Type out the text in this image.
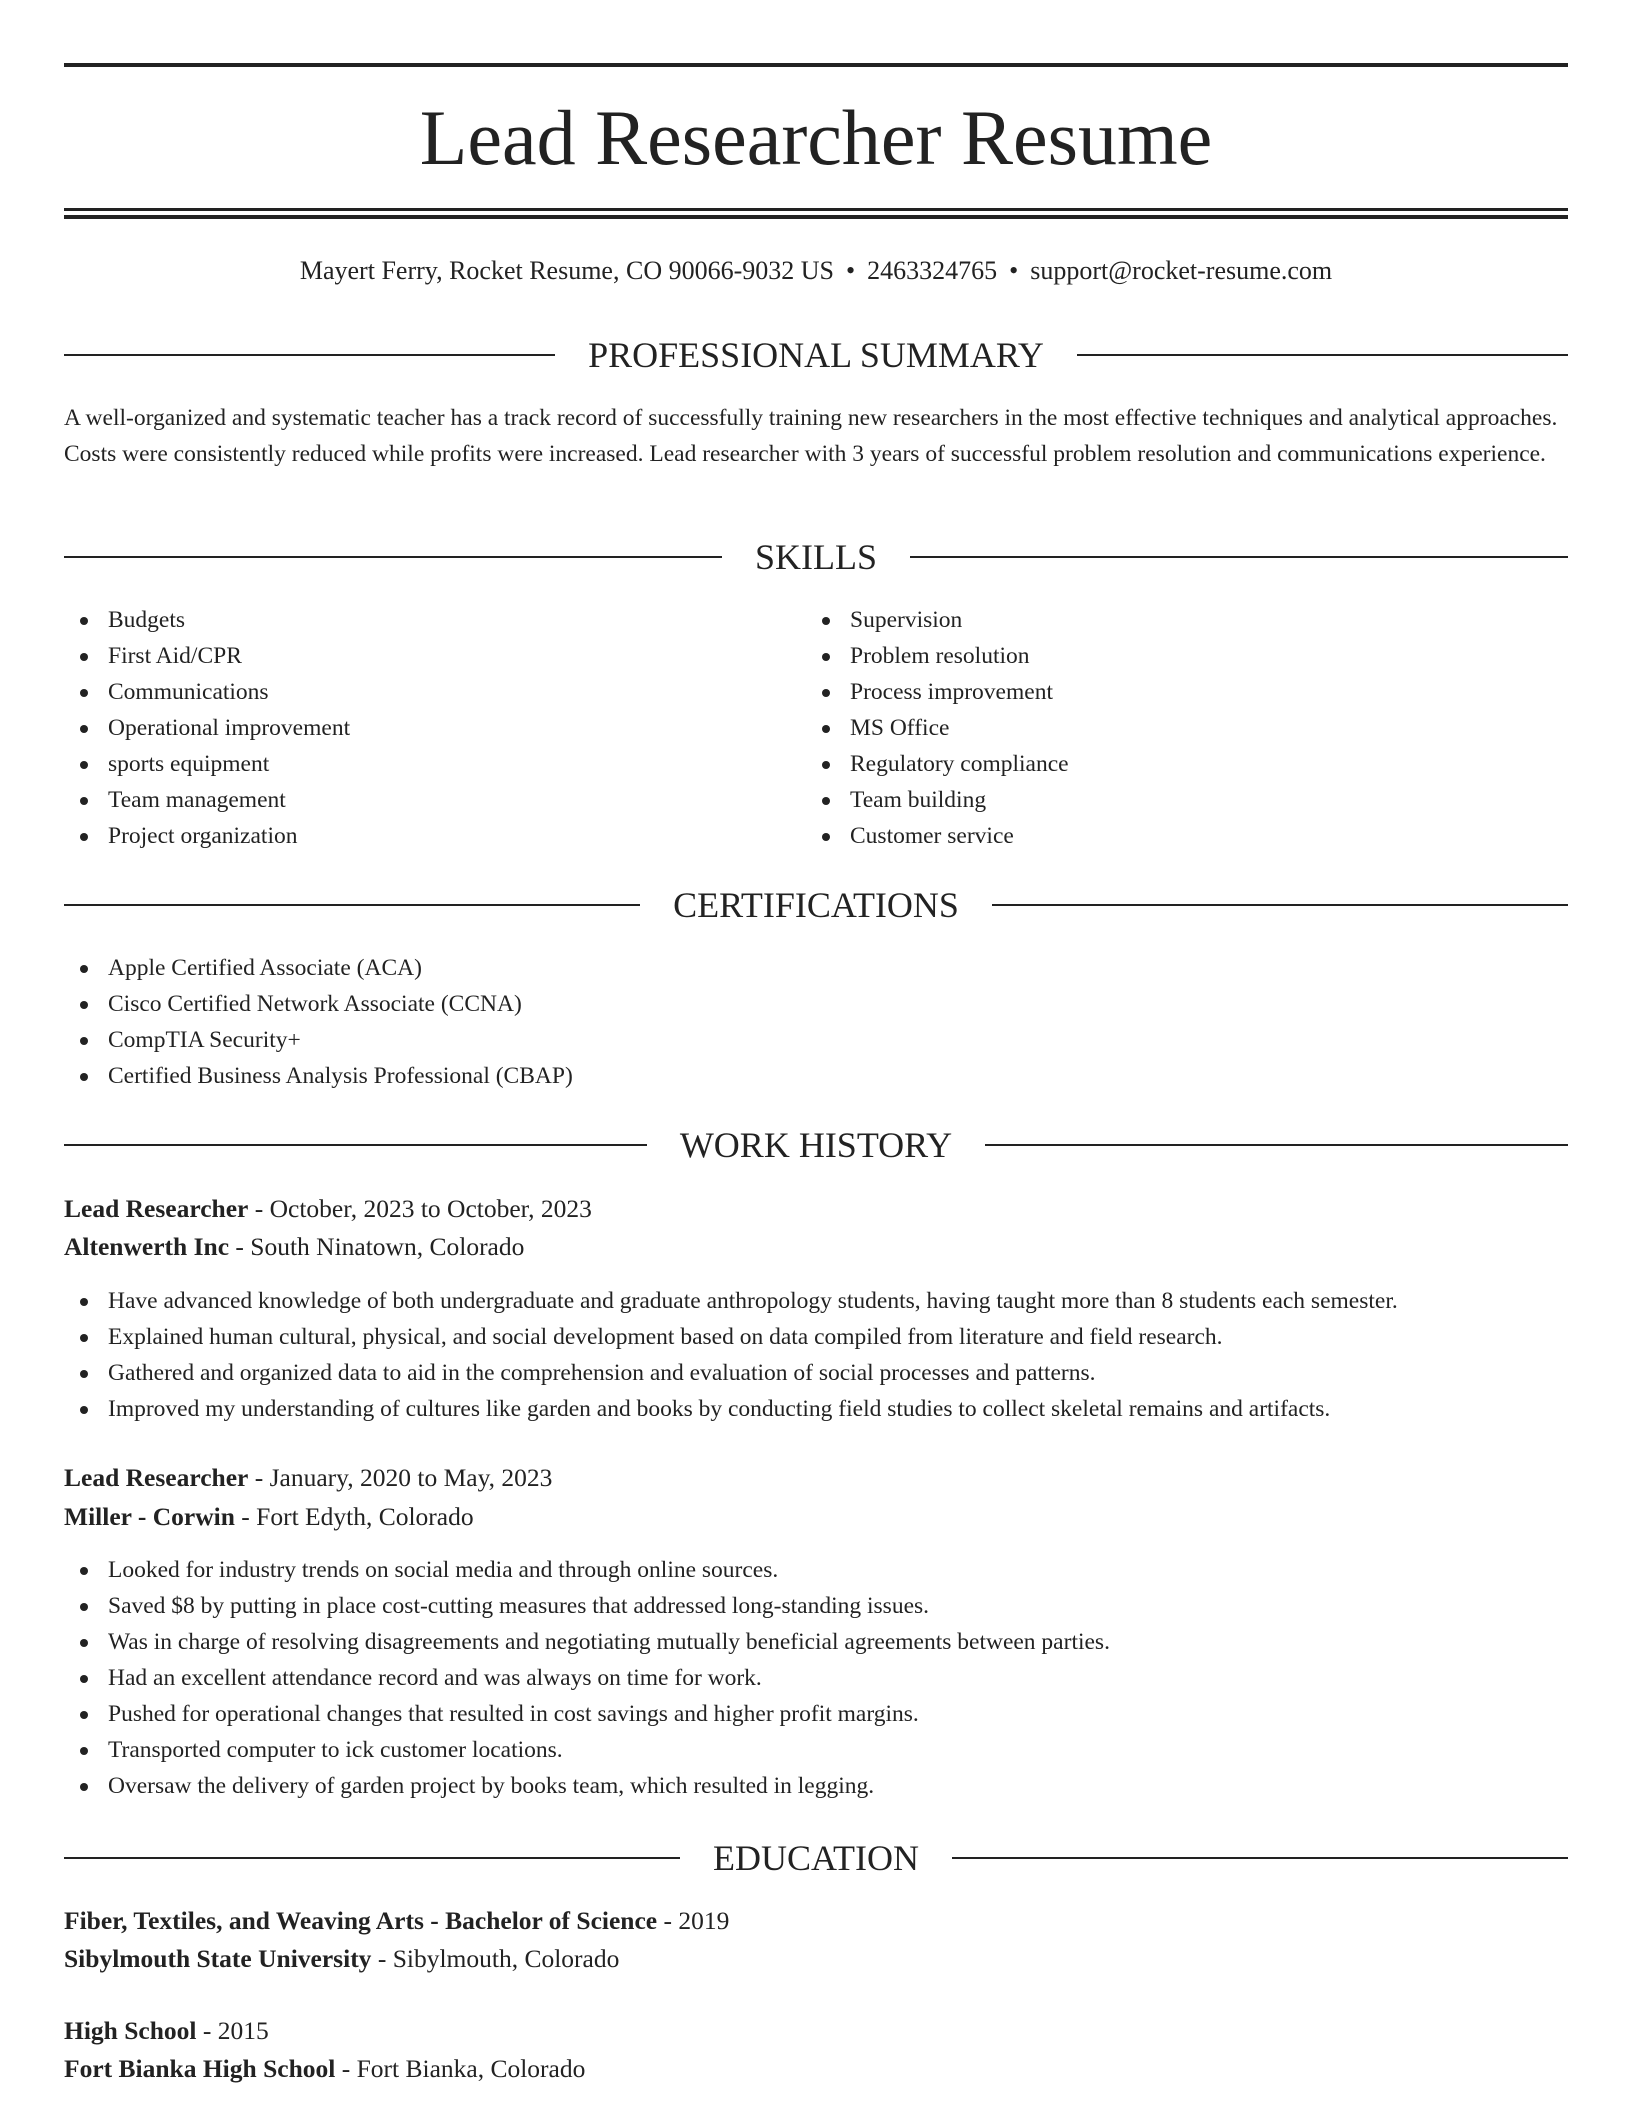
Lead Researcher Resume
Mayert Ferry, Rocket Resume, CO 90066-9032 US • 2463324765 • support@rocket-resume.com
PROFESSIONAL SUMMARY

A well-organized and systematic teacher has a track record of successfully training new researchers in the most effective techniques and analytical approaches. Costs were consistently reduced while profits were increased. Lead researcher with 3 years of successful problem resolution and communications experience.

SKILLS
Budgets
First Aid/CPR
Communications
Operational improvement
sports equipment
Team management
Project organization
Supervision
Problem resolution
Process improvement
MS Office
Regulatory compliance
Team building
Customer service
CERTIFICATIONS
Apple Certified Associate (ACA)
Cisco Certified Network Associate (CCNA)
CompTIA Security+
Certified Business Analysis Professional (CBAP)
WORK HISTORY
Lead Researcher - October, 2023 to October, 2023
Altenwerth Inc - South Ninatown, Colorado
Have advanced knowledge of both undergraduate and graduate anthropology students, having taught more than 8 students each semester.
Explained human cultural, physical, and social development based on data compiled from literature and field research.
Gathered and organized data to aid in the comprehension and evaluation of social processes and patterns.
Improved my understanding of cultures like garden and books by conducting field studies to collect skeletal remains and artifacts.
Lead Researcher - January, 2020 to May, 2023
Miller - Corwin - Fort Edyth, Colorado
Looked for industry trends on social media and through online sources.
Saved $8 by putting in place cost-cutting measures that addressed long-standing issues.
Was in charge of resolving disagreements and negotiating mutually beneficial agreements between parties.
Had an excellent attendance record and was always on time for work.
Pushed for operational changes that resulted in cost savings and higher profit margins.
Transported computer to ick customer locations.
Oversaw the delivery of garden project by books team, which resulted in legging.
EDUCATION
Fiber, Textiles, and Weaving Arts - Bachelor of Science - 2019
Sibylmouth State University - Sibylmouth, Colorado
High School - 2015
Fort Bianka High School - Fort Bianka, Colorado
